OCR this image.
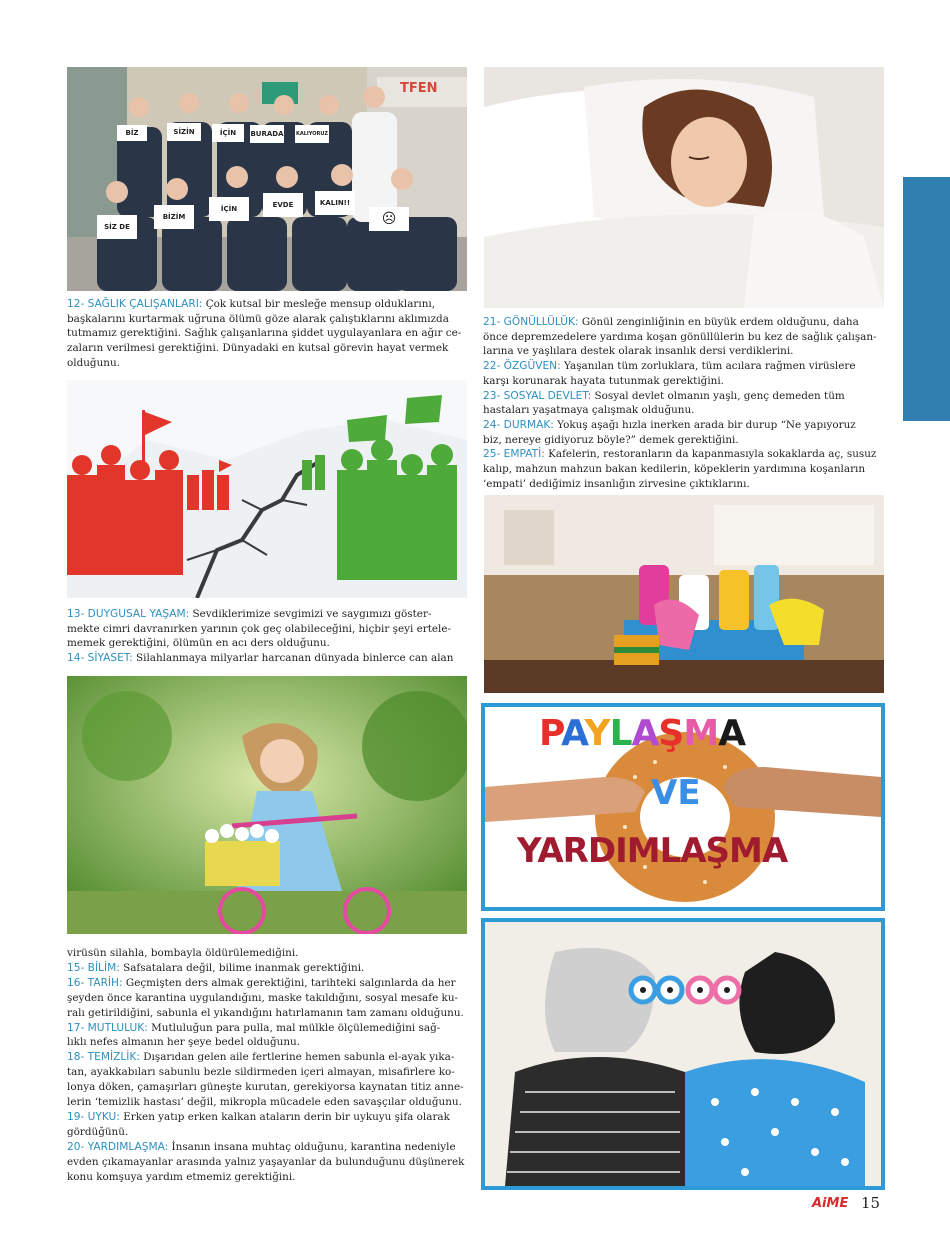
BİZ	SİZİN	İÇİN	BURADA KALIYORUZ
SİZ DE
BİZİM
İÇİN	EVDE	KALIN!!
☹
TFEN

12- SAĞLIK ÇALIŞANLARI: Çok kutsal bir mesleğe mensup olduklarını,

başkalarını kurtarmak uğruna ölümü göze alarak çalıştıklarını aklımızda

tutmamız gerektiğini. Sağlık çalışanlarına şiddet uygulayanlara en ağır ce-

zaların verilmesi gerektiğini. Dünyadaki en kutsal görevin hayat vermek

olduğunu.

13- DUYGUSAL YAŞAM: Sevdiklerimize sevgimizi ve saygımızı göster-

mekte cimri davranırken yarının çok geç olabileceğini, hiçbir şeyi ertele-

memek gerektiğini, ölümün en acı ders olduğunu.

14- SİYASET: Silahlanmaya milyarlar harcanan dünyada binlerce can alan

virüsün silahla, bombayla öldürülemediğini.

15- BİLİM: Safsatalara değil, bilime inanmak gerektiğini.

16- TARİH: Geçmişten ders almak gerektiğini, tarihteki salgınlarda da her

şeyden önce karantina uygulandığını, maske takıldığını, sosyal mesafe ku-

ralı getirildiğini, sabunla el yıkandığını hatırlamanın tam zamanı olduğunu.

17- MUTLULUK: Mutluluğun para pulla, mal mülkle ölçülemediğini sağ-

lıklı nefes almanın her şeye bedel olduğunu.

18- TEMİZLİK: Dışarıdan gelen aile fertlerine hemen sabunla el-ayak yıka-

tan, ayakkabıları sabunlu bezle sildirmeden içeri almayan, misafirlere ko-

lonya döken, çamaşırları güneşte kurutan, gerekiyorsa kaynatan titiz anne-

lerin ‘temizlik hastası’ değil, mikropla mücadele eden savaşçılar olduğunu.

19- UYKU: Erken yatıp erken kalkan ataların derin bir uykuyu şifa olarak

gördüğünü.

20- YARDIMLAŞMA: İnsanın insana muhtaç olduğunu, karantina nedeniyle

evden çıkamayanlar arasında yalnız yaşayanlar da bulunduğunu düşünerek

konu komşuya yardım etmemiz gerektiğini.

21- GÖNÜLLÜLÜK: Gönül zenginliğinin en büyük erdem olduğunu, daha

önce depremzedelere yardıma koşan gönüllülerin bu kez de sağlık çalışan-

larına ve yaşlılara destek olarak insanlık dersi verdiklerini.

22- ÖZGÜVEN: Yaşanılan tüm zorluklara, tüm acılara rağmen virüslere

karşı korunarak hayata tutunmak gerektiğini.

23- SOSYAL DEVLET: Sosyal devlet olmanın yaşlı, genç demeden tüm

hastaları yaşatmaya çalışmak olduğunu.

24- DURMAK: Yokuş aşağı hızla inerken arada bir durup “Ne yapıyoruz

biz, nereye gidiyoruz böyle?” demek gerektiğini.

25- EMPATİ: Kafelerin, restoranların da kapanmasıyla sokaklarda aç, susuz

kalıp, mahzun mahzun bakan kedilerin, köpeklerin yardımına koşanların

‘empati’ dediğimiz insanlığın zirvesine çıktıklarını.

PAYLAŞMA
VE
YARDIMLAŞMA
AiME 15
